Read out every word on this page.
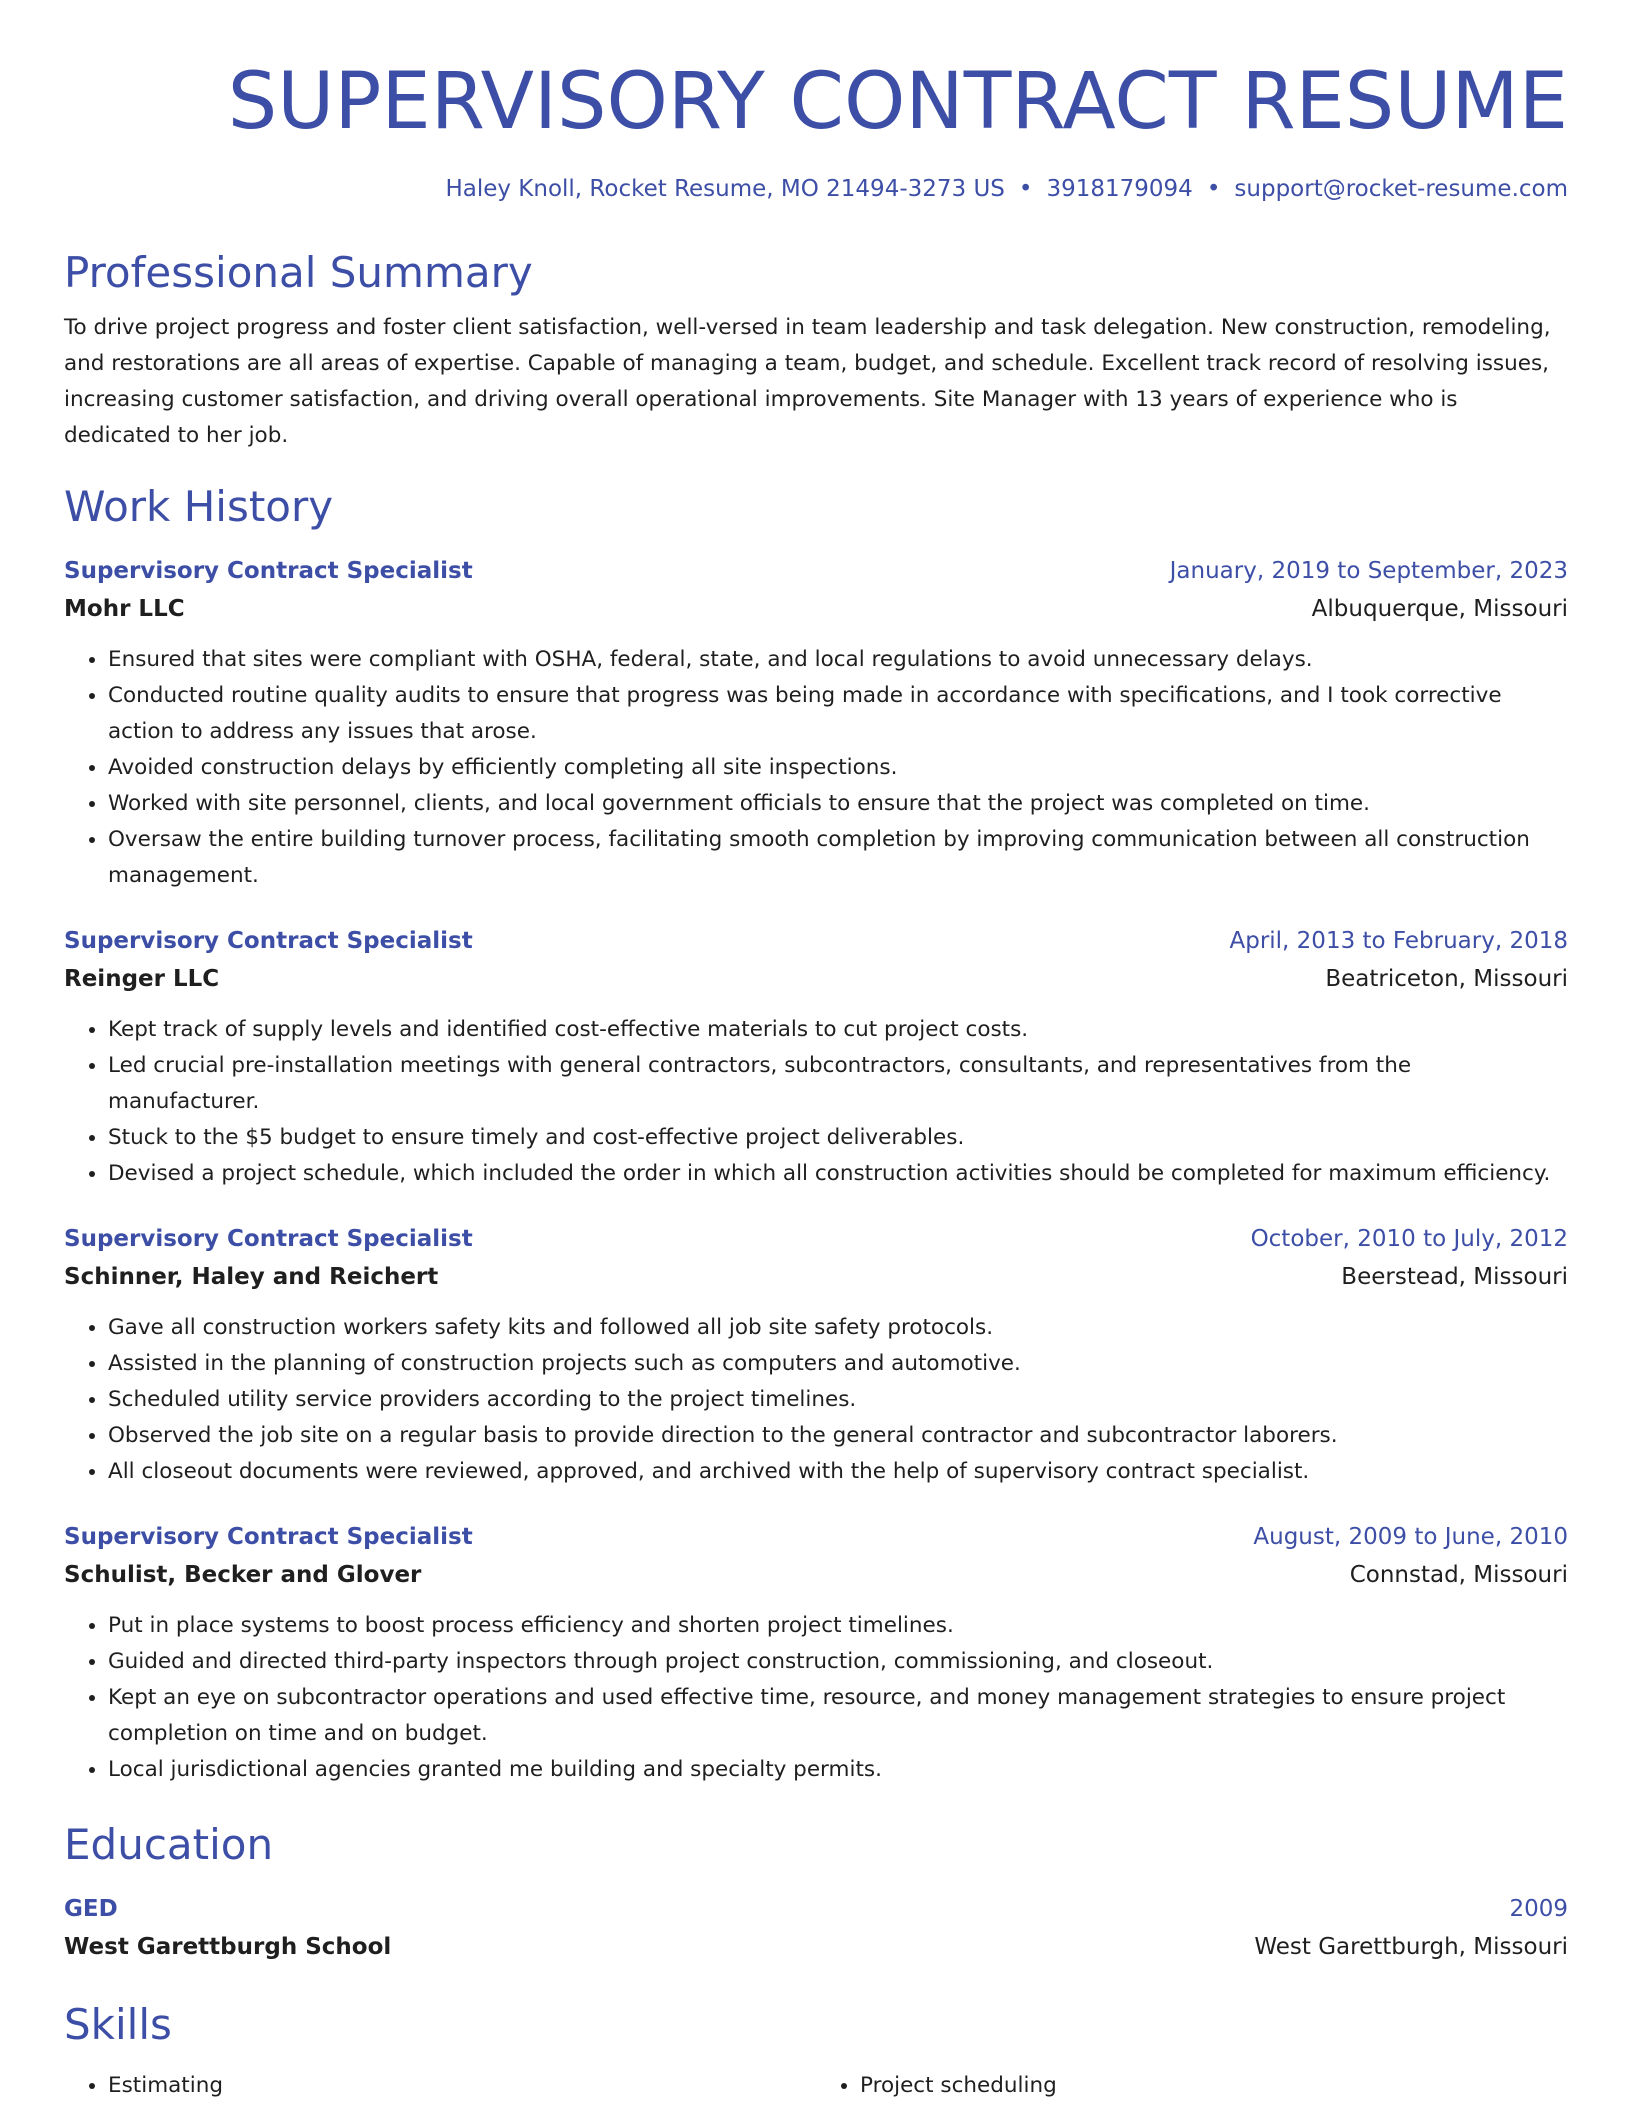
SUPERVISORY CONTRACT RESUME
Haley Knoll, Rocket Resume, MO 21494-3273 US • 3918179094 • support@rocket-resume.com
Professional Summary
To drive project progress and foster client satisfaction, well-versed in team leadership and task delegation. New construction, remodeling, and restorations are all areas of expertise. Capable of managing a team, budget, and schedule. Excellent track record of resolving issues, increasing customer satisfaction, and driving overall operational improvements. Site Manager with 13 years of experience who is dedicated to her job.
Work History
Supervisory Contract Specialist	January, 2019 to September, 2023
Mohr LLC	Albuquerque, Missouri
• Ensured that sites were compliant with OSHA, federal, state, and local regulations to avoid unnecessary delays.
• Conducted routine quality audits to ensure that progress was being made in accordance with specifications, and I took corrective action to address any issues that arose.
• Avoided construction delays by efficiently completing all site inspections.
• Worked with site personnel, clients, and local government officials to ensure that the project was completed on time.
• Oversaw the entire building turnover process, facilitating smooth completion by improving communication between all construction management.
Supervisory Contract Specialist	April, 2013 to February, 2018
Reinger LLC	Beatriceton, Missouri
• Kept track of supply levels and identified cost-effective materials to cut project costs.
• Led crucial pre-installation meetings with general contractors, subcontractors, consultants, and representatives from the manufacturer.
• Stuck to the $5 budget to ensure timely and cost-effective project deliverables.
• Devised a project schedule, which included the order in which all construction activities should be completed for maximum efficiency.
Supervisory Contract Specialist	October, 2010 to July, 2012
Schinner, Haley and Reichert	Beerstead, Missouri
• Gave all construction workers safety kits and followed all job site safety protocols.
• Assisted in the planning of construction projects such as computers and automotive.
• Scheduled utility service providers according to the project timelines.
• Observed the job site on a regular basis to provide direction to the general contractor and subcontractor laborers.
• All closeout documents were reviewed, approved, and archived with the help of supervisory contract specialist.
Supervisory Contract Specialist	August, 2009 to June, 2010
Schulist, Becker and Glover	Connstad, Missouri
• Put in place systems to boost process efficiency and shorten project timelines.
• Guided and directed third-party inspectors through project construction, commissioning, and closeout.
• Kept an eye on subcontractor operations and used effective time, resource, and money management strategies to ensure project completion on time and on budget.
• Local jurisdictional agencies granted me building and specialty permits.
Education
GED	2009
West Garettburgh School	West Garettburgh, Missouri
Skills
• Estimating
•	Project scheduling
